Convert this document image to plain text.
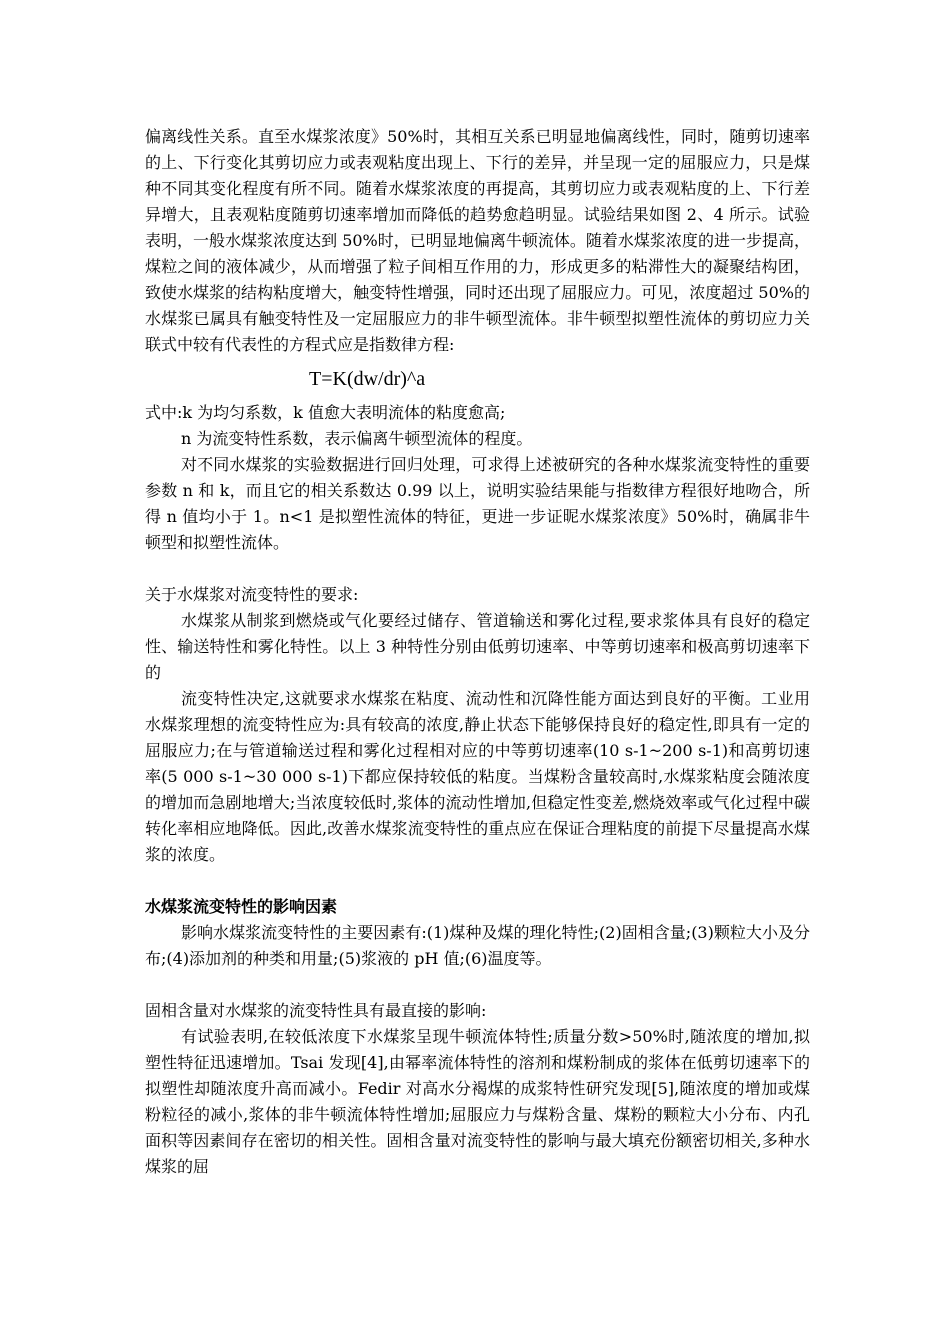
偏离线性关系。直至水煤浆浓度》50%时，其相互关系已明显地偏离线性，同时，随剪切速率的上、下行变化其剪切应力或表观粘度出现上、下行的差异，并呈现一定的屈服应力，只是煤种不同其变化程度有所不同。随着水煤浆浓度的再提高，其剪切应力或表观粘度的上、下行差异增大，且表观粘度随剪切速率增加而降低的趋势愈趋明显。试验结果如图 2、4 所示。试验表明，一般水煤浆浓度达到 50%时，已明显地偏离牛顿流体。随着水煤浆浓度的进一步提高，煤粒之间的液体减少，从而增强了粒子间相互作用的力，形成更多的粘滞性大的凝聚结构团，致使水煤浆的结构粘度增大，触变特性增强，同时还出现了屈服应力。可见，浓度超过 50%的水煤浆已属具有触变特性及一定屈服应力的非牛顿型流体。非牛顿型拟塑性流体的剪切应力关联式中较有代表性的方程式应是指数律方程:

T=K(dw/dr)^a

式中:k 为均匀系数，k 值愈大表明流体的粘度愈高;

n 为流变特性系数，表示偏离牛顿型流体的程度。

对不同水煤浆的实验数据进行回归处理，可求得上述被研究的各种水煤浆流变特性的重要参数 n 和 k，而且它的相关系数达 0.99 以上，说明实验结果能与指数律方程很好地吻合，所得 n 值均小于 1。n<1 是拟塑性流体的特征，更进一步证昵水煤浆浓度》50%时，确属非牛顿型和拟塑性流体。

关于水煤浆对流变特性的要求:

水煤浆从制浆到燃烧或气化要经过储存、管道输送和雾化过程,要求浆体具有良好的稳定性、输送特性和雾化特性。以上 3 种特性分别由低剪切速率、中等剪切速率和极高剪切速率下的

流变特性决定,这就要求水煤浆在粘度、流动性和沉降性能方面达到良好的平衡。工业用水煤浆理想的流变特性应为:具有较高的浓度,静止状态下能够保持良好的稳定性,即具有一定的屈服应力;在与管道输送过程和雾化过程相对应的中等剪切速率(10 s-1~200 s-1)和高剪切速率(5 000 s-1~30 000 s-1)下都应保持较低的粘度。当煤粉含量较高时,水煤浆粘度会随浓度的增加而急剧地增大;当浓度较低时,浆体的流动性增加,但稳定性变差,燃烧效率或气化过程中碳转化率相应地降低。因此,改善水煤浆流变特性的重点应在保证合理粘度的前提下尽量提高水煤浆的浓度。

水煤浆流变特性的影响因素

影响水煤浆流变特性的主要因素有:(1)煤种及煤的理化特性;(2)固相含量;(3)颗粒大小及分布;(4)添加剂的种类和用量;(5)浆液的 pH 值;(6)温度等。

固相含量对水煤浆的流变特性具有最直接的影响:

有试验表明,在较低浓度下水煤浆呈现牛顿流体特性;质量分数>50%时,随浓度的增加,拟塑性特征迅速增加。Tsai 发现[4],由幂率流体特性的溶剂和煤粉制成的浆体在低剪切速率下的拟塑性却随浓度升高而减小。Fedir 对高水分褐煤的成浆特性研究发现[5],随浓度的增加或煤粉粒径的减小,浆体的非牛顿流体特性增加;屈服应力与煤粉含量、煤粉的颗粒大小分布、内孔面积等因素间存在密切的相关性。固相含量对流变特性的影响与最大填充份额密切相关,多种水煤浆的屈
